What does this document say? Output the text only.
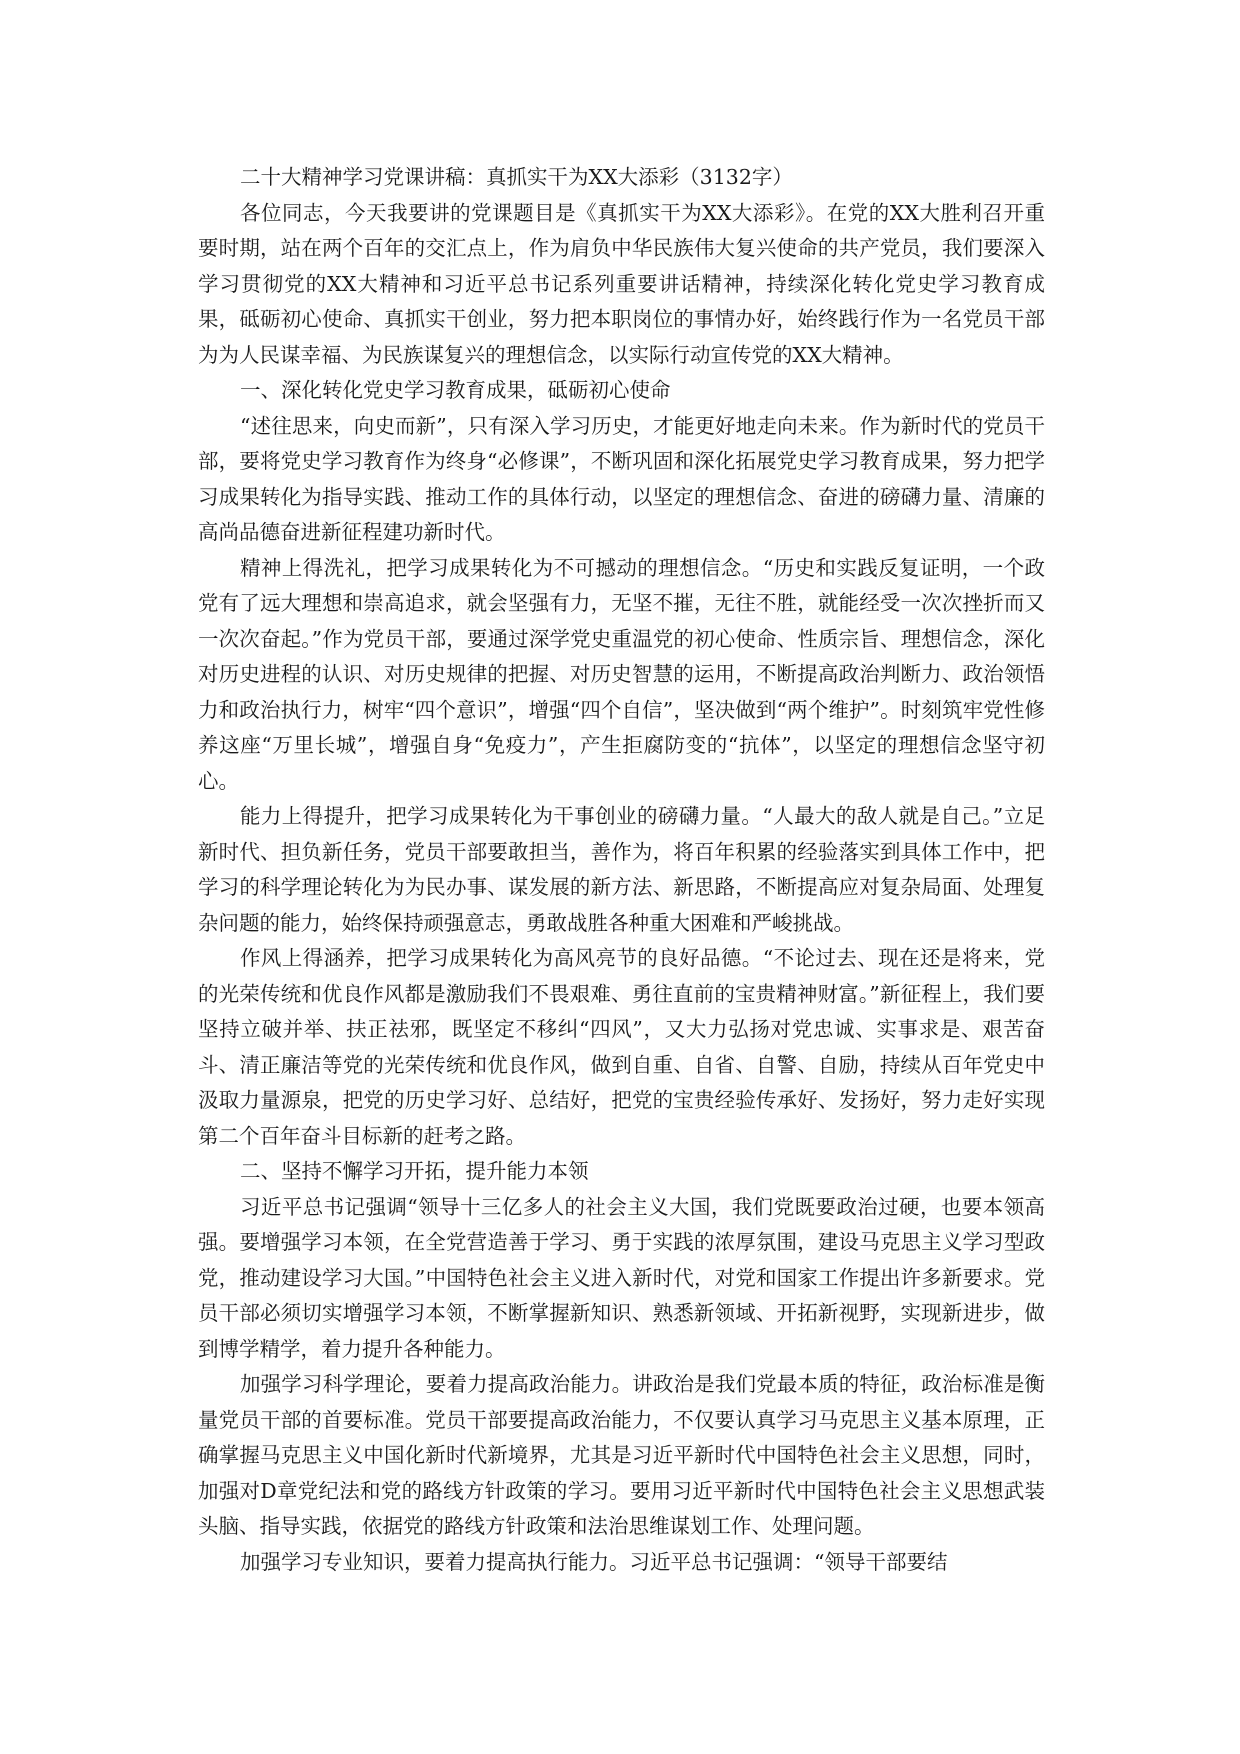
二十大精神学习党课讲稿：真抓实干为XX大添彩（3132字）

各位同志，今天我要讲的党课题目是《真抓实干为XX大添彩》。在党的XX大胜利召开重要时期，站在两个百年的交汇点上，作为肩负中华民族伟大复兴使命的共产党员，我们要深入学习贯彻党的XX大精神和习近平总书记系列重要讲话精神，持续深化转化党史学习教育成果，砥砺初心使命、真抓实干创业，努力把本职岗位的事情办好，始终践行作为一名党员干部为为人民谋幸福、为民族谋复兴的理想信念，以实际行动宣传党的XX大精神。

一、深化转化党史学习教育成果，砥砺初心使命

“述往思来，向史而新”，只有深入学习历史，才能更好地走向未来。作为新时代的党员干部，要将党史学习教育作为终身“必修课”，不断巩固和深化拓展党史学习教育成果，努力把学习成果转化为指导实践、推动工作的具体行动，以坚定的理想信念、奋进的磅礴力量、清廉的高尚品德奋进新征程建功新时代。

精神上得洗礼，把学习成果转化为不可撼动的理想信念。“历史和实践反复证明，一个政党有了远大理想和崇高追求，就会坚强有力，无坚不摧，无往不胜，就能经受一次次挫折而又一次次奋起。”作为党员干部，要通过深学党史重温党的初心使命、性质宗旨、理想信念，深化对历史进程的认识、对历史规律的把握、对历史智慧的运用，不断提高政治判断力、政治领悟力和政治执行力，树牢“四个意识”，增强“四个自信”，坚决做到“两个维护”。时刻筑牢党性修养这座“万里长城”，增强自身“免疫力”，产生拒腐防变的“抗体”，以坚定的理想信念坚守初心。

能力上得提升，把学习成果转化为干事创业的磅礴力量。“人最大的敌人就是自己。”立足新时代、担负新任务，党员干部要敢担当，善作为，将百年积累的经验落实到具体工作中，把学习的科学理论转化为为民办事、谋发展的新方法、新思路，不断提高应对复杂局面、处理复杂问题的能力，始终保持顽强意志，勇敢战胜各种重大困难和严峻挑战。

作风上得涵养，把学习成果转化为高风亮节的良好品德。“不论过去、现在还是将来，党的光荣传统和优良作风都是激励我们不畏艰难、勇往直前的宝贵精神财富。”新征程上，我们要坚持立破并举、扶正祛邪，既坚定不移纠“四风”，又大力弘扬对党忠诚、实事求是、艰苦奋斗、清正廉洁等党的光荣传统和优良作风，做到自重、自省、自警、自励，持续从百年党史中汲取力量源泉，把党的历史学习好、总结好，把党的宝贵经验传承好、发扬好，努力走好实现第二个百年奋斗目标新的赶考之路。

二、坚持不懈学习开拓，提升能力本领

习近平总书记强调“领导十三亿多人的社会主义大国，我们党既要政治过硬，也要本领高强。要增强学习本领，在全党营造善于学习、勇于实践的浓厚氛围，建设马克思主义学习型政党，推动建设学习大国。”中国特色社会主义进入新时代，对党和国家工作提出许多新要求。党员干部必须切实增强学习本领，不断掌握新知识、熟悉新领域、开拓新视野，实现新进步，做到博学精学，着力提升各种能力。

加强学习科学理论，要着力提高政治能力。讲政治是我们党最本质的特征，政治标准是衡量党员干部的首要标准。党员干部要提高政治能力，不仅要认真学习马克思主义基本原理，正确掌握马克思主义中国化新时代新境界，尤其是习近平新时代中国特色社会主义思想，同时，加强对D章党纪法和党的路线方针政策的学习。要用习近平新时代中国特色社会主义思想武装头脑、指导实践，依据党的路线方针政策和法治思维谋划工作、处理问题。

加强学习专业知识，要着力提高执行能力。习近平总书记强调：“领导干部要结
